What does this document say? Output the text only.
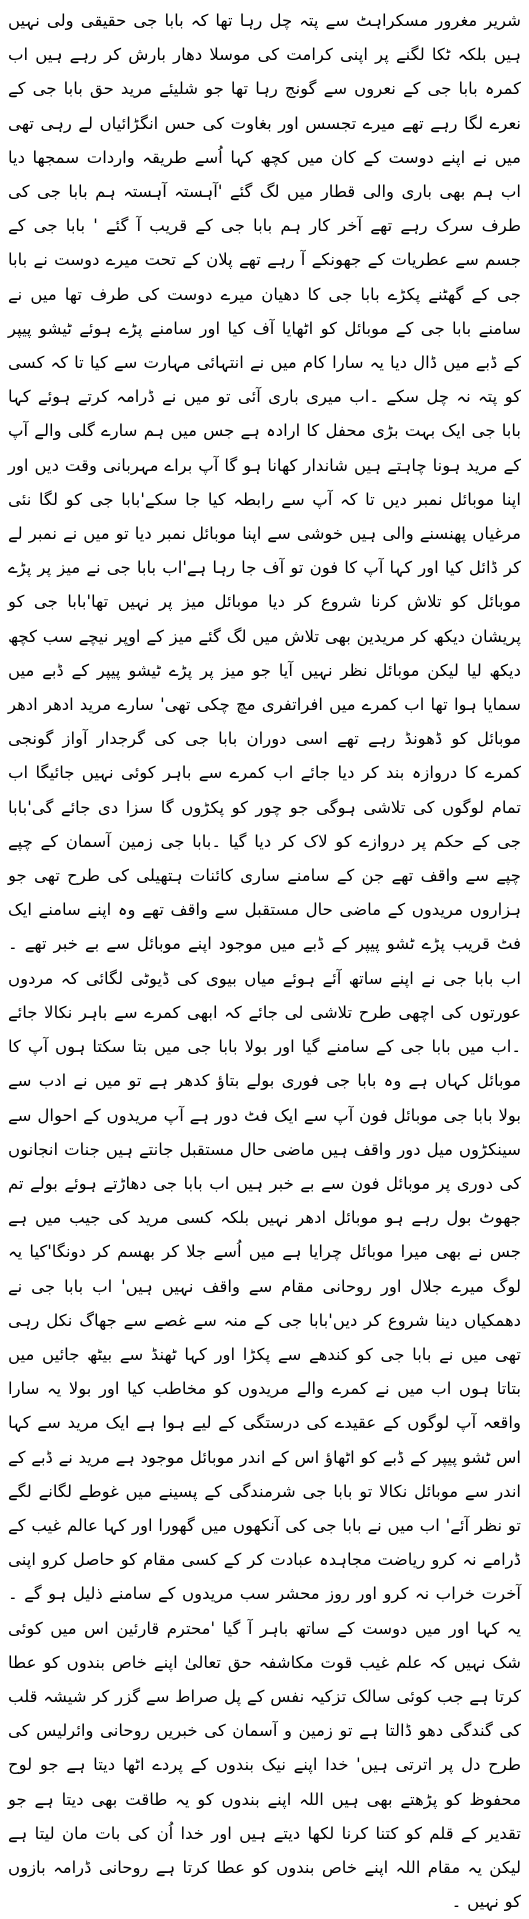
شریر مغرور مسکراہٹ سے پتہ چل رہا تھا کہ بابا جی حقیقی ولی نہیں ہیں بلکہ ٹکا لگنے پر اپنی کرامت کی موسلا دھار بارش کر رہے ہیں اب کمرہ بابا جی کے نعروں سے گونج رہا تھا جو شلیئے مرید حق بابا جی کے نعرے لگا رہے تھے میرے تجسس اور بغاوت کی حس انگڑائیاں لے رہی تھی میں نے اپنے دوست کے کان میں کچھ کہا اُسے طریقہ واردات سمجھا دیا اب ہم بھی باری والی قطار میں لگ گئے 'آہستہ آہستہ ہم بابا جی کی طرف سرک رہے تھے آخر کار ہم بابا جی کے قریب آ گئے ' بابا جی کے جسم سے عطریات کے جھونکے آ رہے تھے پلان کے تحت میرے دوست نے بابا جی کے گھٹنے پکڑے بابا جی کا دھیان میرے دوست کی طرف تھا میں نے سامنے بابا جی کے موبائل کو اٹھایا آف کیا اور سامنے پڑے ہوئے ٹیشو پیپر کے ڈبے میں ڈال دیا یہ سارا کام میں نے انتہائی مہارت سے کیا تا کہ کسی کو پتہ نہ چل سکے ۔اب میری باری آئی تو میں نے ڈرامہ کرتے ہوئے کہا بابا جی ایک بہت بڑی محفل کا ارادہ ہے جس میں ہم سارے گلی والے آپ کے مرید ہونا چاہتے ہیں شاندار کھانا ہو گا آپ براے مہربانی وقت دیں اور اپنا موبائل نمبر دیں تا کہ آپ سے رابطہ کیا جا سکے'بابا جی کو لگا نئی مرغیاں پھنسنے والی ہیں خوشی سے اپنا موبائل نمبر دیا تو میں نے نمبر لے کر ڈائل کیا اور کہا آپ کا فون تو آف جا رہا ہے'اب بابا جی نے میز پر پڑے موبائل کو تلاش کرنا شروع کر دیا موبائل میز پر نہیں تھا'بابا جی کو پریشان دیکھ کر مریدین بھی تلاش میں لگ گئے میز کے اوپر نیچے سب کچھ دیکھ لیا لیکن موبائل نظر نہیں آیا جو میز پر پڑے ٹیشو پیپر کے ڈبے میں سمایا ہوا تھا اب کمرے میں افراتفری مچ چکی تھی' سارے مرید ادھر ادھر موبائل کو ڈھونڈ رہے تھے اسی دوران بابا جی کی گرجدار آواز گونجی کمرے کا دروازہ بند کر دیا جائے اب کمرے سے باہر کوئی نہیں جائیگا اب تمام لوگوں کی تلاشی ہوگی جو چور کو پکڑوں گا سزا دی جائے گی'بابا جی کے حکم پر دروازے کو لاک کر دیا گیا ۔بابا جی زمین آسمان کے چپے چپے سے واقف تھے جن کے سامنے ساری کائنات ہتھیلی کی طرح تھی جو ہزاروں مریدوں کے ماضی حال مستقبل سے واقف تھے وہ اپنے سامنے ایک فٹ قریب پڑے ٹشو پیپر کے ڈبے میں موجود اپنے موبائل سے بے خبر تھے ۔اب بابا جی نے اپنے ساتھ آئے ہوئے میاں بیوی کی ڈیوٹی لگائی کہ مردوں عورتوں کی اچھی طرح تلاشی لی جائے کہ ابھی کمرے سے باہر نکالا جائے ۔اب میں بابا جی کے سامنے گیا اور بولا بابا جی میں بتا سکتا ہوں آپ کا موبائل کہاں ہے وہ بابا جی فوری بولے بتاؤ کدھر ہے تو میں نے ادب سے بولا بابا جی موبائل فون آپ سے ایک فٹ دور ہے آپ مریدوں کے احوال سے سینکڑوں میل دور واقف ہیں ماضی حال مستقبل جانتے ہیں جنات انجانوں کی دوری پر موبائل فون سے بے خبر ہیں اب بابا جی دھاڑتے ہوئے بولے تم جھوٹ بول رہے ہو موبائل ادھر نہیں بلکہ کسی مرید کی جیب میں ہے جس نے بھی میرا موبائل چرایا ہے میں اُسے جلا کر بھسم کر دونگا'کیا یہ لوگ میرے جلال اور روحانی مقام سے واقف نہیں ہیں' اب بابا جی نے دھمکیاں دینا شروع کر دیں'بابا جی کے منہ سے غصے سے جھاگ نکل رہی تھی میں نے بابا جی کو کندھے سے پکڑا اور کہا ٹھنڈ سے بیٹھ جائیں میں بتاتا ہوں اب میں نے کمرے والے مریدوں کو مخاطب کیا اور بولا یہ سارا واقعہ آپ لوگوں کے عقیدے کی درستگی کے لیے ہوا ہے ایک مرید سے کہا اس ٹشو پیپر کے ڈبے کو اٹھاؤ اس کے اندر موبائل موجود ہے مرید نے ڈبے کے اندر سے موبائل نکالا تو بابا جی شرمندگی کے پسینے میں غوطے لگانے لگے تو نظر آئے' اب میں نے بابا جی کی آنکھوں میں گھورا اور کہا عالم غیب کے ڈرامے نہ کرو ریاضت مجاہدہ عبادت کر کے کسی مقام کو حاصل کرو اپنی آخرت خراب نہ کرو اور روز محشر سب مریدوں کے سامنے ذلیل ہو گے ۔یہ کہا اور میں دوست کے ساتھ باہر آ گیا 'محترم قارئین اس میں کوئی شک نہیں کہ علم غیب قوت مکاشفہ حق تعالیٰ اپنے خاص بندوں کو عطا کرتا ہے جب کوئی سالک تزکیہ نفس کے پل صراط سے گزر کر شیشہ قلب کی گندگی دھو ڈالتا ہے تو زمین و آسمان کی خبریں روحانی وائرلیس کی طرح دل پر اترتی ہیں' خدا اپنے نیک بندوں کے پردے اٹھا دیتا ہے جو لوح محفوظ کو پڑھتے بھی ہیں اللہ اپنے بندوں کو یہ طاقت بھی دیتا ہے جو تقدیر کے قلم کو کتنا کرنا لکھا دیتے ہیں اور خدا اُن کی بات مان لیتا ہے لیکن یہ مقام اللہ اپنے خاص بندوں کو عطا کرتا ہے روحانی ڈرامہ بازوں کو نہیں ۔
